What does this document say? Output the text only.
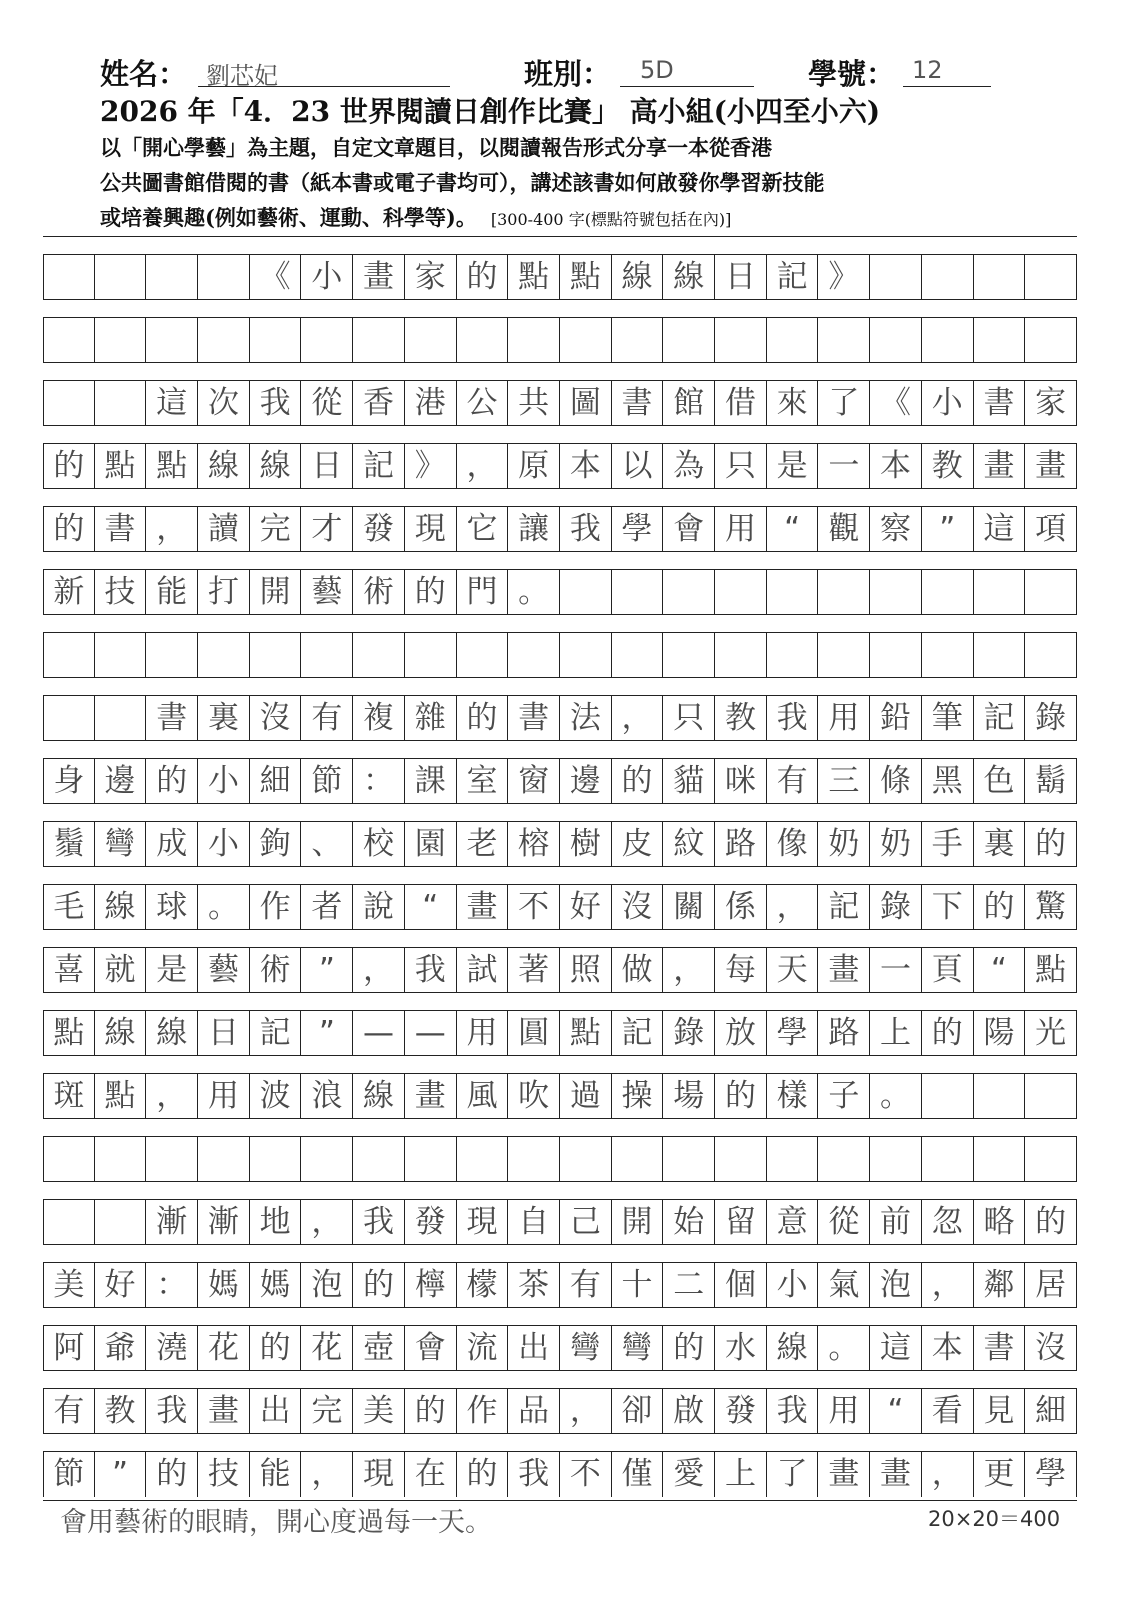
姓名： 劉芯妃	班別： 5D	學號： 12
2026 年「4．23 世界閱讀日創作比賽」 高小組(小四至小六)
以「開心學藝」為主題，自定文章題目，以閱讀報告形式分享一本從香港
公共圖書館借閱的書（紙本書或電子書均可），講述該書如何啟發你學習新技能
或培養興趣(例如藝術、運動、科學等)。 [300-400 字(標點符號包括在內)]
《 小 畫 家 的 點 點 線 線 日 記 》
這 次 我 從 香 港 公 共 圖 書 館 借 來 了 《 小 書 家
的 點 點 線 線 日 記 》 ， 原 本 以 為 只 是 一 本 教 畫 畫
的 書 ， 讀 完 才 發 現 它 讓 我 學 會 用 “ 觀 察 ” 這 項
新 技 能 打 開 藝 術 的 門 。
書 裏 沒 有 複 雜 的 書 法 ， 只 教 我 用 鉛 筆 記 錄
身 邊 的 小 細 節 ： 課 室 窗 邊 的 貓 咪 有 三 條 黑 色 鬍
鬚 彎 成 小 鉤 、 校 園 老 榕 樹 皮 紋 路 像 奶 奶 手 裏 的
毛 線 球 。 作 者 說 “ 畫 不 好 沒 關 係 ， 記 錄 下 的 驚
喜 就 是 藝 術 ” ， 我 試 著 照 做 ， 每 天 畫 一 頁 “ 點
點 線 線 日 記 ” — — 用 圓 點 記 錄 放 學 路 上 的 陽 光
斑 點 ， 用 波 浪 線 畫 風 吹 過 操 場 的 樣 子 。
漸 漸 地 ， 我 發 現 自 己 開 始 留 意 從 前 忽 略 的
美 好 ： 媽 媽 泡 的 檸 檬 茶 有 十 二 個 小 氣 泡 ， 鄰 居
阿 爺 澆 花 的 花 壺 會 流 出 彎 彎 的 水 線 。 這 本 書 沒
有 教 我 畫 出 完 美 的 作 品 ， 卻 啟 發 我 用 “ 看 見 細
節 ” 的 技 能 ， 現 在 的 我 不 僅 愛 上 了 畫 畫 ， 更 學
會用藝術的眼睛，開心度過每一天。	20×20＝400
